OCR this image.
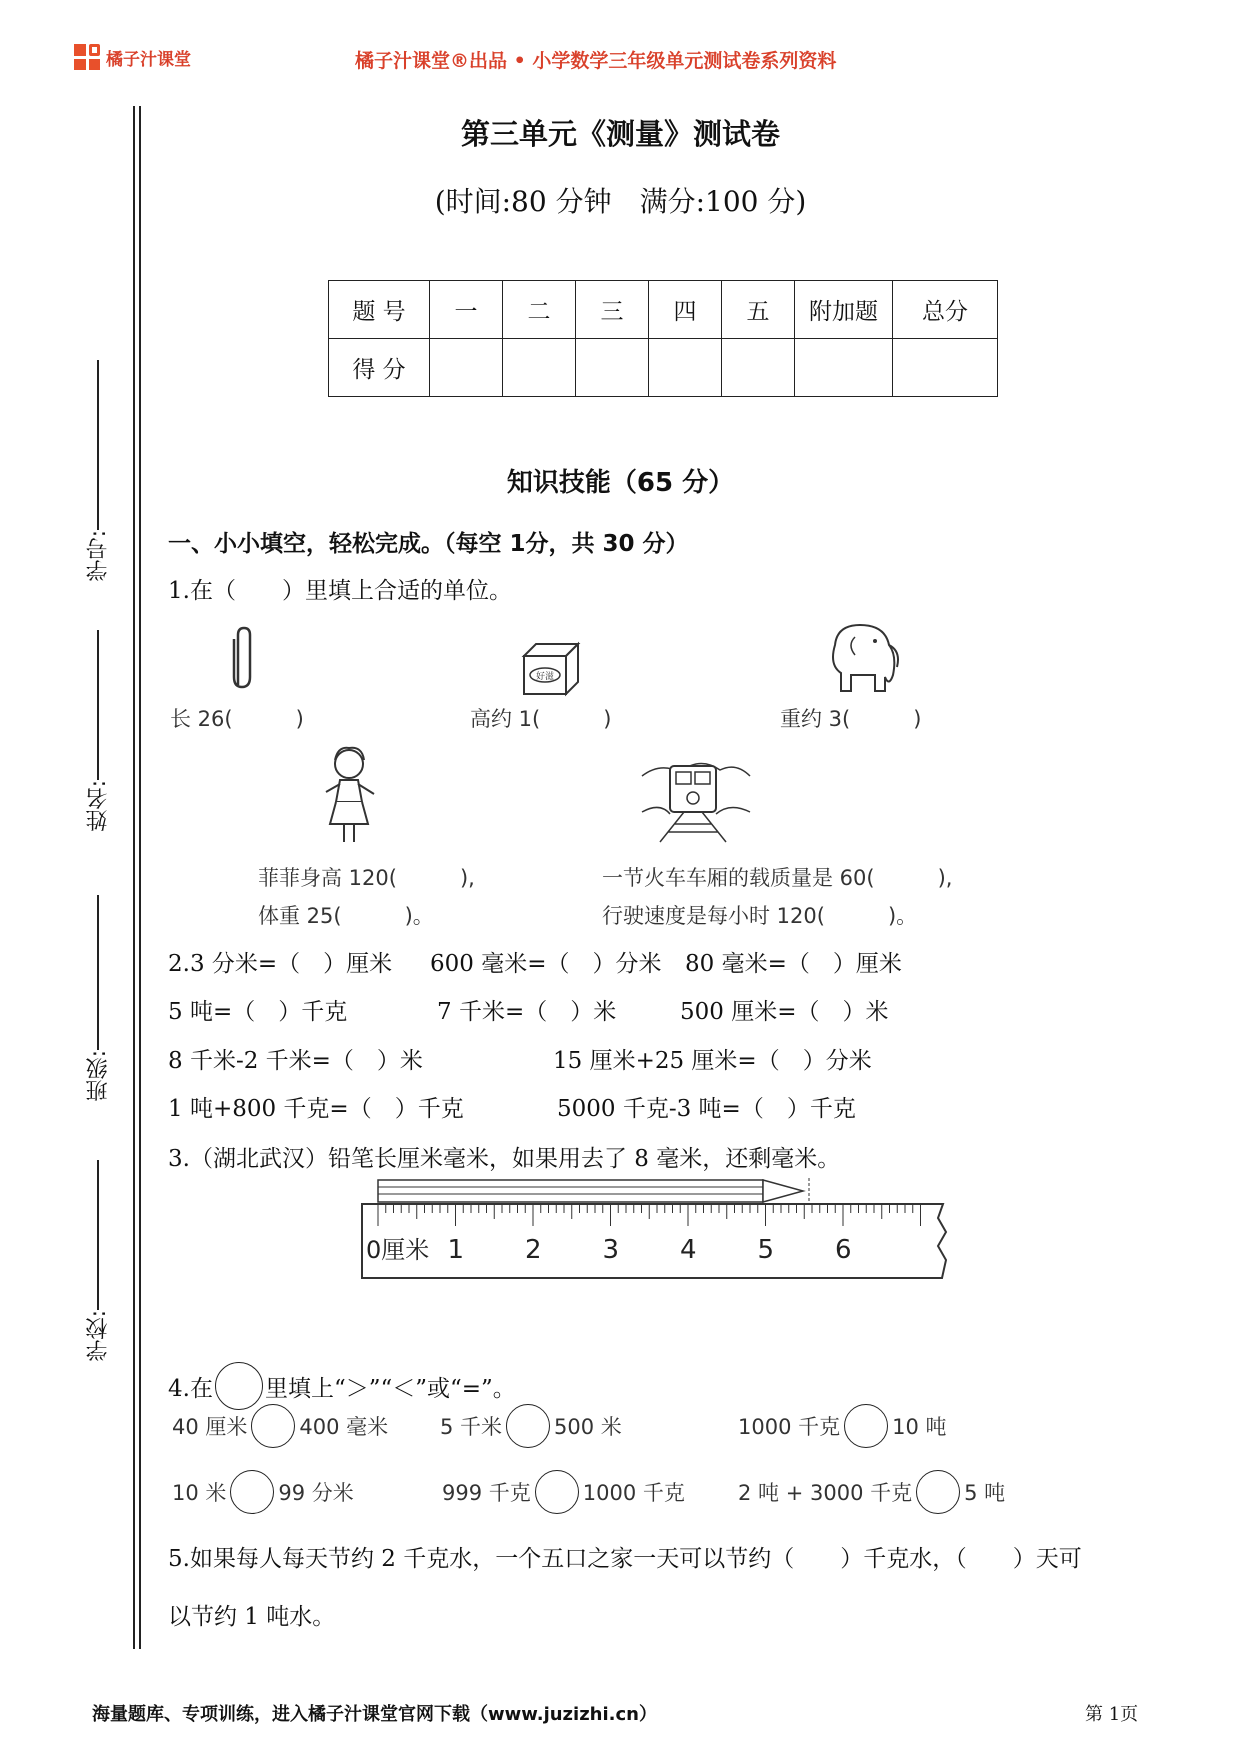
橘子汁课堂	橘子汁课堂®出品 • 小学数学三年级单元测试卷系列资料
学号:
姓名:
班级:
学校:
第三单元《测量》测试卷
(时间:80 分钟　满分:100 分)
题 号	一	二	三	四	五	附加题	总分
得 分							
知识技能（65 分）
一、小小填空，轻松完成。（每空 1分，共 30 分）
1.在（　　）里填上合适的单位。
长 26(　　　)
好滋
高约 1(　　　)	重约 3(　　　)
菲菲身高 120(　　　),
体重 25(　　　)。
一节火车车厢的载质量是 60(　　　),
行驶速度是每小时 120(　　　)。
2.3 分米=（　）厘米 600 毫米=（　）分米 80 毫米=（　）厘米
5 吨=（　）千克	7 千米=（　）米	500 厘米=（　）米
8 千米-2 千米=（　）米	15 厘米+25 厘米=（　）分米
1 吨+800 千克=（　）千克	5000 千克-3 吨=（　）千克
3.（湖北武汉）铅笔长厘米毫米，如果用去了 8 毫米，还剩毫米。
0厘米 1 2 3 4 5 6
4.在 里填上“＞”“＜”或“=”。
40 厘米 400 毫米 5 千米 500 米	1000 千克 10 吨
10 米 99 分米	999 千克 1000 千克	2 吨 + 3000 千克 5 吨
5.如果每人每天节约 2 千克水，一个五口之家一天可以节约（　　）千克水，（　　）天可
以节约 1 吨水。
海量题库、专项训练，进入橘子汁课堂官网下载（www.juzizhi.cn）	第 1页
